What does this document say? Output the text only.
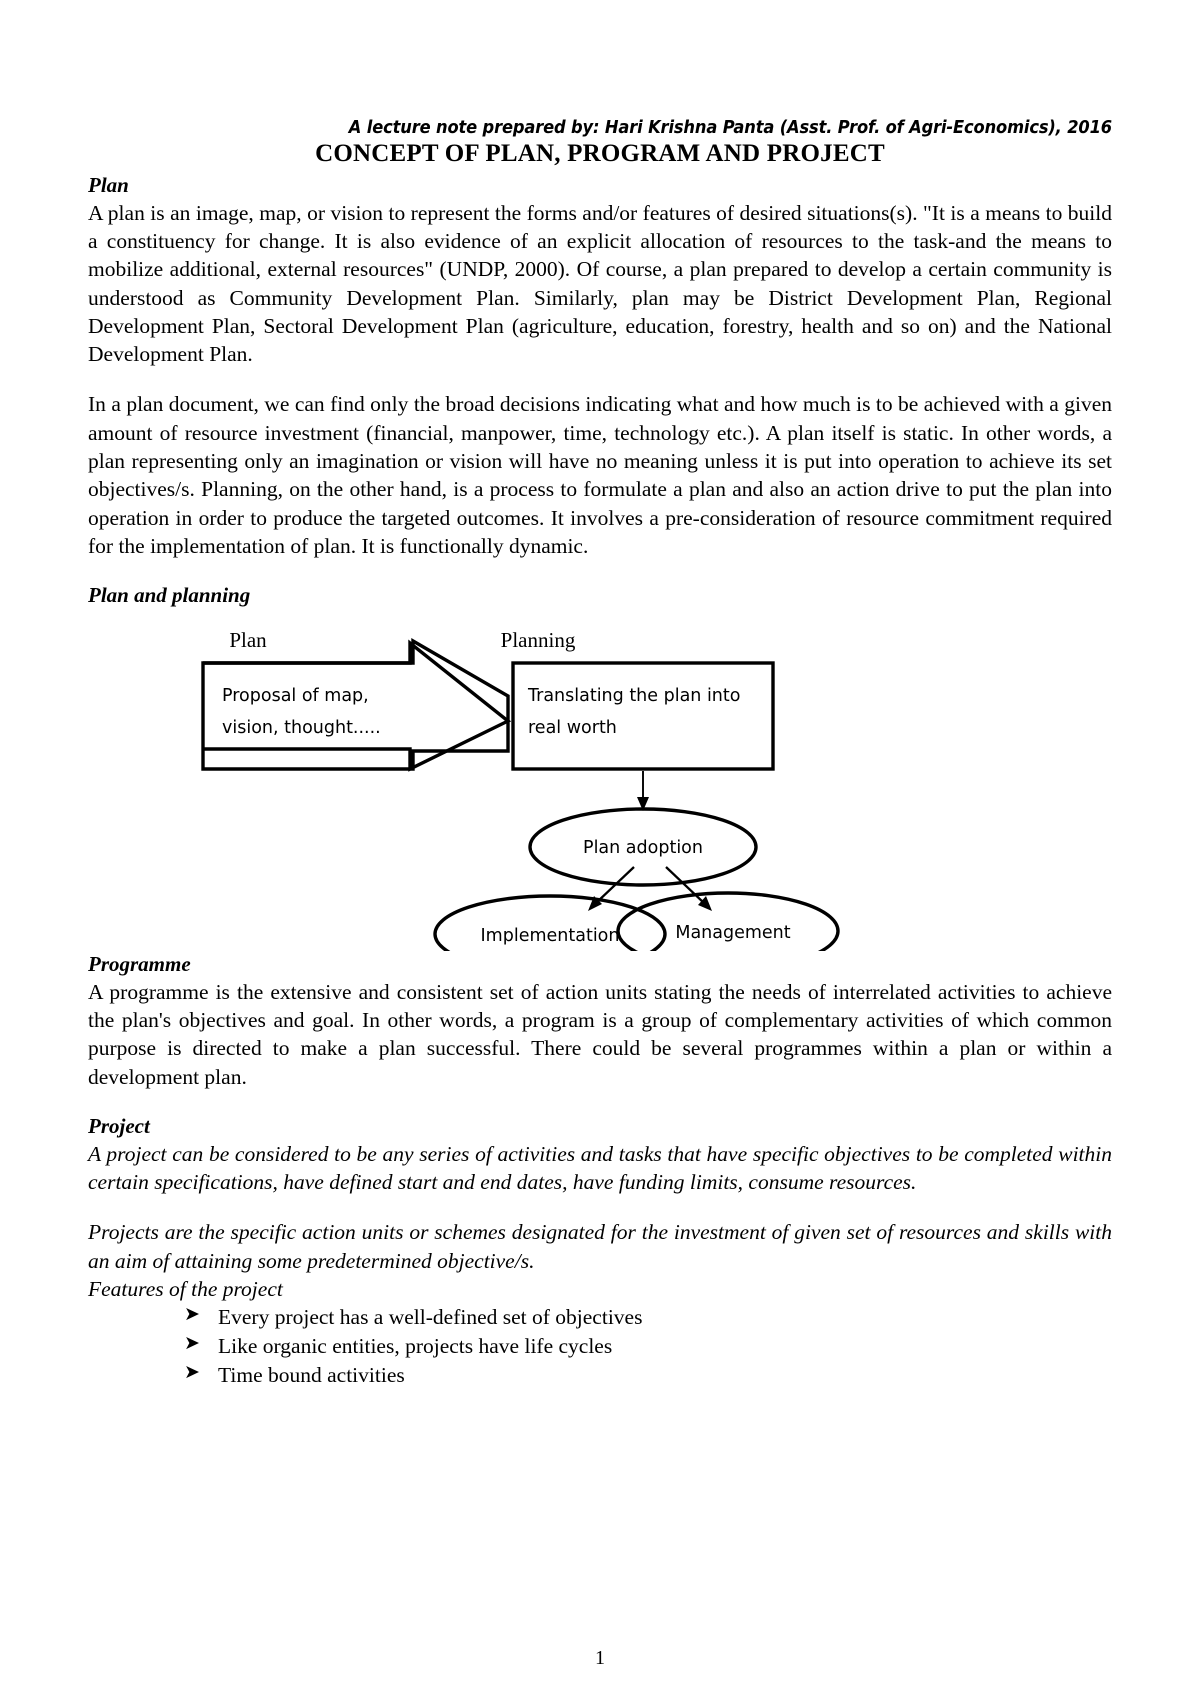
A lecture note prepared by: Hari Krishna Panta (Asst. Prof. of Agri-Economics), 2016
CONCEPT OF PLAN, PROGRAM AND PROJECT
Plan

A plan is an image, map, or vision to represent the forms and/or features of desired situations(s). "It is a means to build a constituency for change. It is also evidence of an explicit allocation of resources to the task-and the means to mobilize additional, external resources" (UNDP, 2000). Of course, a plan prepared to develop a certain community is understood as Community Development Plan. Similarly, plan may be District Development Plan, Regional Development Plan, Sectoral Development Plan (agriculture, education, forestry, health and so on) and the National Development Plan.

In a plan document, we can find only the broad decisions indicating what and how much is to be achieved with a given amount of resource investment (financial, manpower, time, technology etc.). A plan itself is static. In other words, a plan representing only an imagination or vision will have no meaning unless it is put into operation to achieve its set objectives/s. Planning, on the other hand, is a process to formulate a plan and also an action drive to put the plan into operation in order to produce the targeted outcomes. It involves a pre-consideration of resource commitment required for the implementation of plan. It is functionally dynamic.

Plan and planning
Plan	Planning
Proposal of map,
vision, thought.....
Translating the plan into
real worth
Plan adoption
Implementation	Management
Programme

A programme is the extensive and consistent set of action units stating the needs of interrelated activities to achieve the plan's objectives and goal. In other words, a program is a group of complementary activities of which common purpose is directed to make a plan successful. There could be several programmes within a plan or within a development plan.

Project

A project can be considered to be any series of activities and tasks that have specific objectives to be completed within certain specifications, have defined start and end dates, have funding limits, consume resources.

Projects are the specific action units or schemes designated for the investment of given set of resources and skills with an aim of attaining some predetermined objective/s.

Features of the project

➤ Every project has a well-defined set of objectives
➤ Like organic entities, projects have life cycles
➤ Time bound activities
1
